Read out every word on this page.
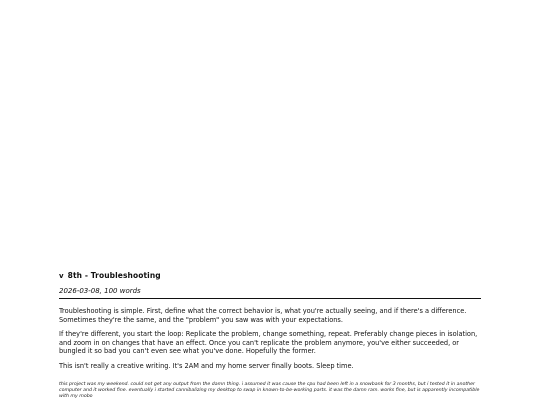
v 8th - Troubleshooting
2026-03-08, 100 words

Troubleshooting is simple. First, define what the correct behavior is, what you're actually seeing, and if there's a difference. Sometimes they're the same, and the "problem" you saw was with your expectations.

If they're different, you start the loop: Replicate the problem, change something, repeat. Preferably change pieces in isolation, and zoom in on changes that have an effect. Once you can't replicate the problem anymore, you've either succeeded, or bungled it so bad you can't even see what you've done. Hopefully the former.

This isn't really a creative writing. It's 2AM and my home server finally boots. Sleep time.

this project was my weekend. could not get any output from the damn thing. i assumed it was cause the cpu had been left in a snowbank for 3 months, but i tested it in another computer and it worked fine. eventually i started cannibalizing my desktop to swap in known-to-be-working parts. it was the damn ram. works fine, but is apparently incompatible with my mobo
